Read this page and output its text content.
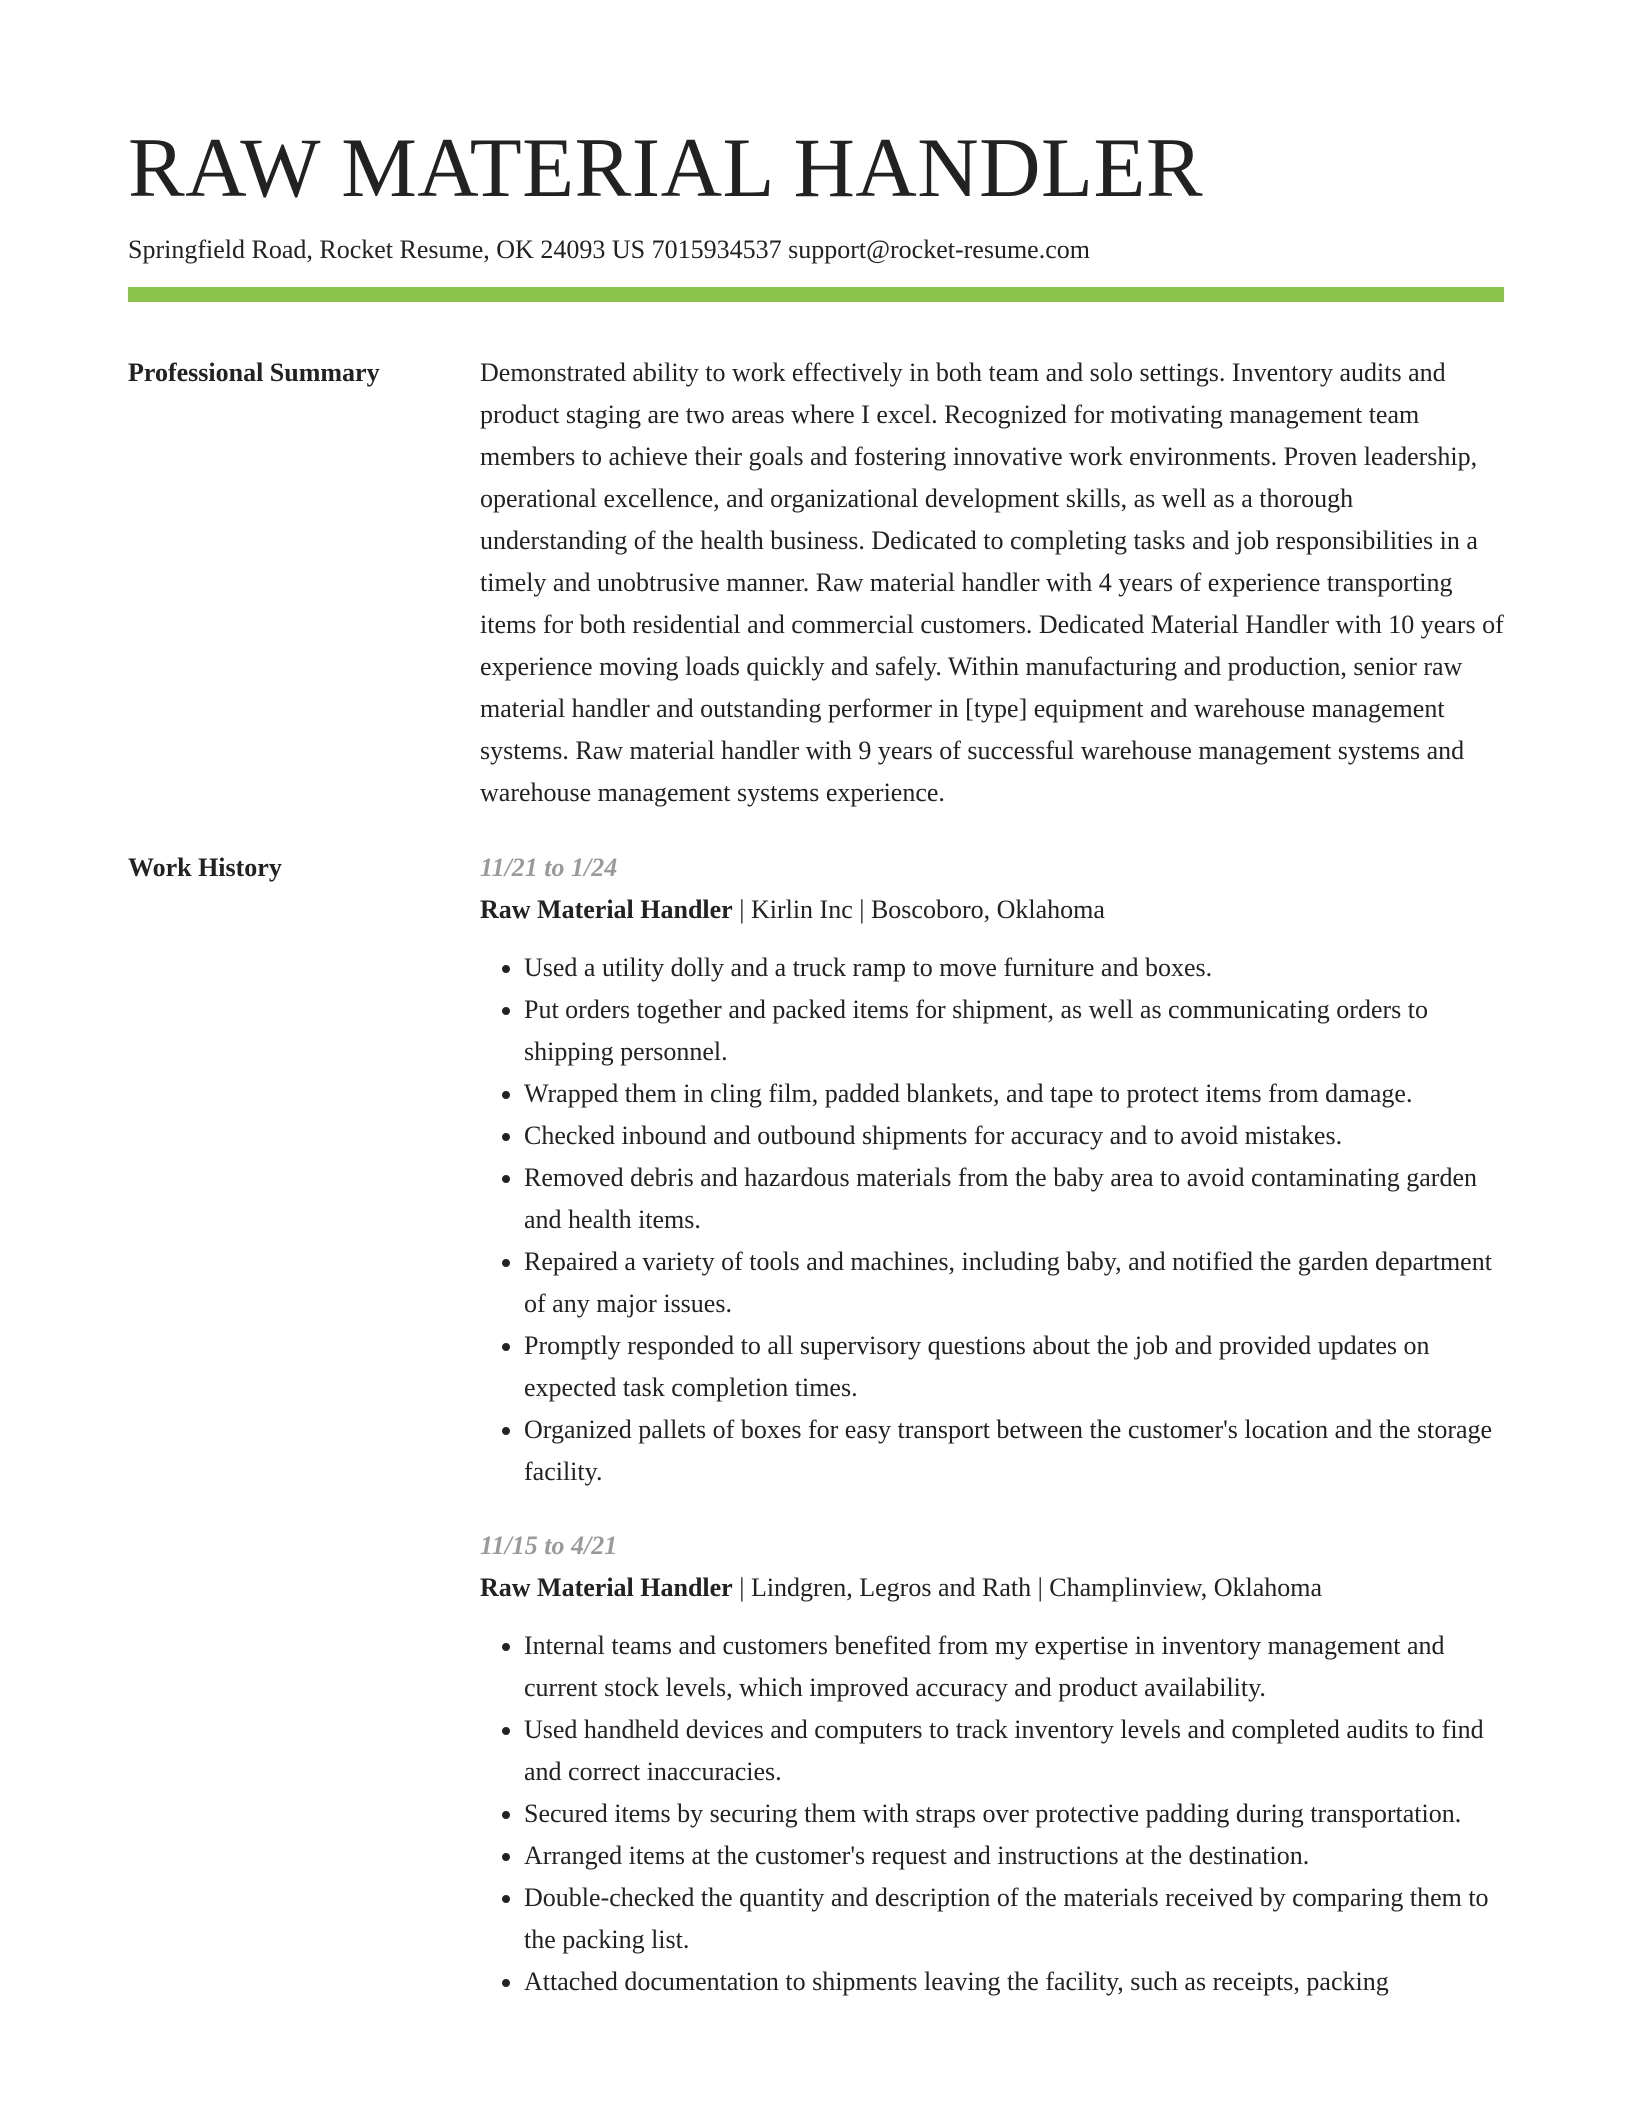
RAW MATERIAL HANDLER
Springfield Road, Rocket Resume, OK 24093 US 7015934537 support@rocket-resume.com
Professional Summary	Demonstrated ability to work effectively in both team and solo settings. Inventory audits and product staging are two areas where I excel. Recognized for motivating management team members to achieve their goals and fostering innovative work environments. Proven leadership, operational excellence, and organizational development skills, as well as a thorough understanding of the health business. Dedicated to completing tasks and job responsibilities in a timely and unobtrusive manner. Raw material handler with 4 years of experience transporting items for both residential and commercial customers. Dedicated Material Handler with 10 years of experience moving loads quickly and safely. Within manufacturing and production, senior raw material handler and outstanding performer in [type] equipment and warehouse management systems. Raw material handler with 9 years of successful warehouse management systems and warehouse management systems experience.

Work History	11/21 to 1/24
Raw Material Handler | Kirlin Inc | Boscoboro, Oklahoma
• Used a utility dolly and a truck ramp to move furniture and boxes.
• Put orders together and packed items for shipment, as well as communicating orders to shipping personnel.
• Wrapped them in cling film, padded blankets, and tape to protect items from damage.
• Checked inbound and outbound shipments for accuracy and to avoid mistakes.
• Removed debris and hazardous materials from the baby area to avoid contaminating garden and health items.
• Repaired a variety of tools and machines, including baby, and notified the garden department of any major issues.
• Promptly responded to all supervisory questions about the job and provided updates on expected task completion times.
• Organized pallets of boxes for easy transport between the customer's location and the storage facility.
11/15 to 4/21
Raw Material Handler | Lindgren, Legros and Rath | Champlinview, Oklahoma
• Internal teams and customers benefited from my expertise in inventory management and current stock levels, which improved accuracy and product availability.
• Used handheld devices and computers to track inventory levels and completed audits to find and correct inaccuracies.
• Secured items by securing them with straps over protective padding during transportation.
• Arranged items at the customer's request and instructions at the destination.
• Double-checked the quantity and description of the materials received by comparing them to the packing list.
• Attached documentation to shipments leaving the facility, such as receipts, packing
